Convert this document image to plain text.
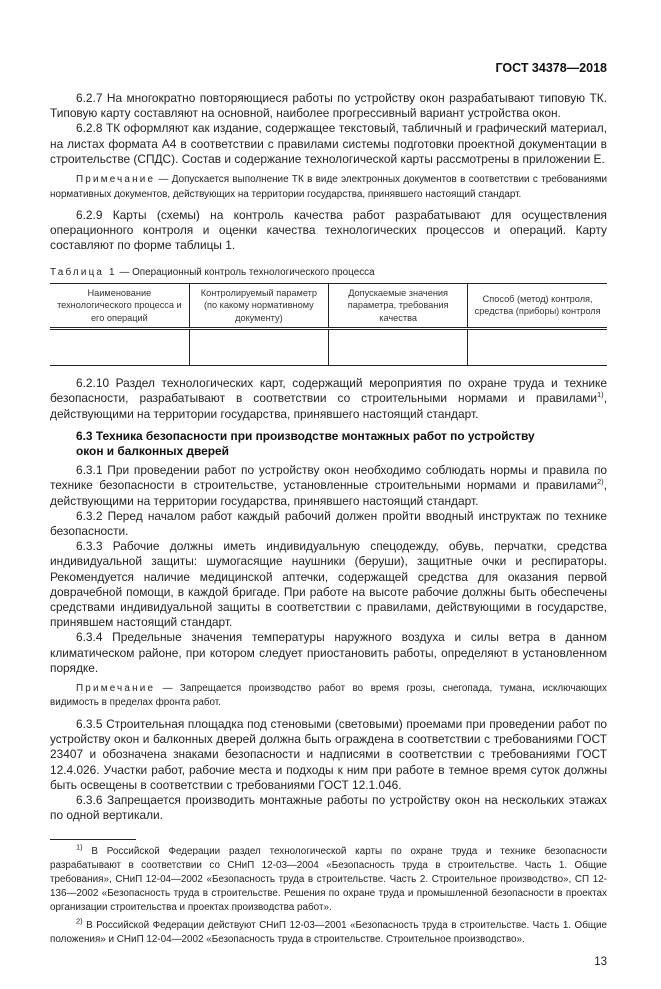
ГОСТ 34378—2018

6.2.7 На многократно повторяющиеся работы по устройству окон разрабатывают типовую ТК. Типовую карту составляют на основной, наиболее прогрессивный вариант устройства окон.

6.2.8 ТК оформляют как издание, содержащее текстовый, табличный и графический материал, на листах формата А4 в соответствии с правилами системы подготовки проектной документации в строительстве (СПДС). Состав и содержание технологической карты рассмотрены в приложении Е.

Примечание — Допускается выполнение ТК в виде электронных документов в соответствии с требованиями нормативных документов, действующих на территории государства, принявшего настоящий стандарт.

6.2.9 Карты (схемы) на контроль качества работ разрабатывают для осуществления операционного контроля и оценки качества технологических процессов и операций. Карту составляют по форме таблицы 1.

Таблица 1 — Операционный контроль технологического процесса

Наименование технологического процесса и его операций	Контролируемый параметр (по какому нормативному документу)	Допускаемые значения параметра, требования качества	Способ (метод) контроля, средства (приборы) контроля

6.2.10 Раздел технологических карт, содержащий мероприятия по охране труда и технике безопасности, разрабатывают в соответствии со строительными нормами и правилами$^{1)}$, действующими на территории государства, принявшего настоящий стандарт.

6.3 Техника безопасности при производстве монтажных работ по устройству окон и балконных дверей

6.3.1 При проведении работ по устройству окон необходимо соблюдать нормы и правила по технике безопасности в строительстве, установленные строительными нормами и правилами$^{2)}$, действующими на территории государства, принявшего настоящий стандарт.

6.3.2 Перед началом работ каждый рабочий должен пройти вводный инструктаж по технике безопасности.

6.3.3 Рабочие должны иметь индивидуальную спецодежду, обувь, перчатки, средства индивидуальной защиты: шумогасящие наушники (беруши), защитные очки и респираторы. Рекомендуется наличие медицинской аптечки, содержащей средства для оказания первой доврачебной помощи, в каждой бригаде. При работе на высоте рабочие должны быть обеспечены средствами индивидуальной защиты в соответствии с правилами, действующими в государстве, принявшем настоящий стандарт.

6.3.4 Предельные значения температуры наружного воздуха и силы ветра в данном климатическом районе, при котором следует приостановить работы, определяют в установленном порядке.

Примечание — Запрещается производство работ во время грозы, снегопада, тумана, исключающих видимость в пределах фронта работ.

6.3.5 Строительная площадка под стеновыми (световыми) проемами при проведении работ по устройству окон и балконных дверей должна быть ограждена в соответствии с требованиями ГОСТ 23407 и обозначена знаками безопасности и надписями в соответствии с требованиями ГОСТ 12.4.026. Участки работ, рабочие места и подходы к ним при работе в темное время суток должны быть освещены в соответствии с требованиями ГОСТ 12.1.046.

6.3.6 Запрещается производить монтажные работы по устройству окон на нескольких этажах по одной вертикали.

$^{1)}$ В Российской Федерации раздел технологической карты по охране труда и технике безопасности разрабатывают в соответствии со СНиП 12-03—2004 «Безопасность труда в строительстве. Часть 1. Общие требования», СНиП 12-04—2002 «Безопасность труда в строительстве. Часть 2. Строительное производство», СП 12-136—2002 «Безопасность труда в строительстве. Решения по охране труда и промышленной безопасности в проектах организации строительства и проектах производства работ».

$^{2)}$ В Российской Федерации действуют СНиП 12-03—2001 «Безопасность труда в строительстве. Часть 1. Общие положения» и СНиП 12-04—2002 «Безопасность труда в строительстве. Строительное производство».

13
